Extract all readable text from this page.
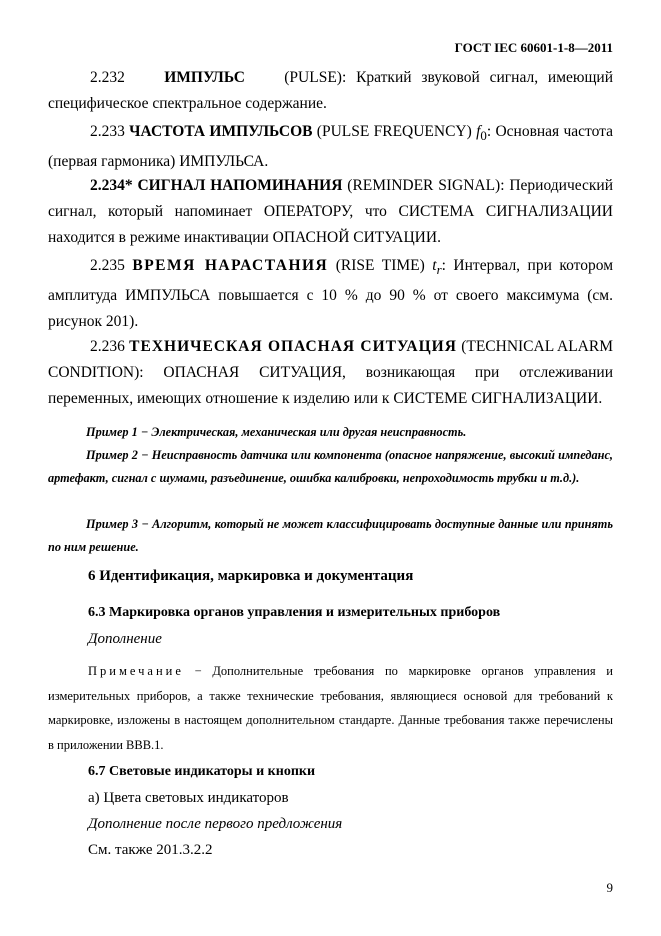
ГОСТ IEC 60601-1-8—2011
2.232	ИМПУЛЬС	(PULSE): Краткий звуковой сигнал, имеющий специфическое спектральное содержание.
2.233 ЧАСТОТА ИМПУЛЬСОВ (PULSE FREQUENCY) $f_0$: Основная частота (первая гармоника) ИМПУЛЬСА.
2.234* СИГНАЛ НАПОМИНАНИЯ (REMINDER SIGNAL): Периодический сигнал, который напоминает ОПЕРАТОРУ, что СИСТЕМА СИГНАЛИЗАЦИИ находится в режиме инактивации ОПАСНОЙ СИТУАЦИИ.
2.235 ВРЕМЯ НАРАСТАНИЯ (RISE TIME) $t_r$: Интервал, при котором амплитуда ИМПУЛЬСА повышается с 10 % до 90 % от своего максимума (см. рисунок 201).
2.236 ТЕХНИЧЕСКАЯ ОПАСНАЯ СИТУАЦИЯ (TECHNICAL ALARM CONDITION): ОПАСНАЯ СИТУАЦИЯ, возникающая при отслеживании переменных, имеющих отношение к изделию или к СИСТЕМЕ СИГНАЛИЗАЦИИ.
Пример 1 − Электрическая, механическая или другая неисправность.
Пример 2 − Неисправность датчика или компонента (опасное напряжение, высокий импеданс, артефакт, сигнал с шумами, разъединение, ошибка калибровки, непроходимость трубки и т.д.).
Пример 3 − Алгоритм, который не может классифицировать доступные данные или принять по ним решение.
6 Идентификация, маркировка и документация
6.3 Маркировка органов управления и измерительных приборов
Дополнение
Примечание − Дополнительные требования по маркировке органов управления и измерительных приборов, а также технические требования, являющиеся основой для требований к маркировке, изложены в настоящем дополнительном стандарте. Данные требования также перечислены в приложении ВВВ.1.
6.7 Световые индикаторы и кнопки
a) Цвета световых индикаторов
Дополнение после первого предложения
См. также 201.3.2.2
9
